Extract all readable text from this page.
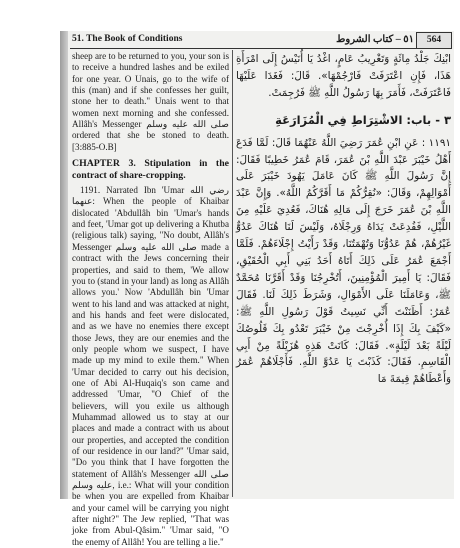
51. The Book of Conditions	٥١ – كتاب الشروط	564

sheep are to be returned to you, your son is to receive a hundred lashes and be exiled for one year. O Unais, go to the wife of this (man) and if she confesses her guilt, stone her to death." Unais went to that women next morning and she confessed. Allâh's Messenger صلى الله عليه وسلم ordered that she be stoned to death. [3:885-O.B]

CHAPTER 3. Stipulation in the contract of share-cropping.

1191. Narrated Ibn 'Umar رضي الله عنهما: When the people of Khaibar dislocated 'Abdullâh bin 'Umar's hands and feet, 'Umar got up delivering a Khutba (religious talk) saying, "No doubt, Allâh's Messenger صلى الله عليه وسلم made a contract with the Jews concerning their properties, and said to them, 'We allow you to (stand in your land) as long as Allâh allows you.' Now 'Abdullâh bin 'Umar went to his land and was attacked at night, and his hands and feet were dislocated, and as we have no enemies there except those Jews, they are our enemies and the only people whom we suspect, I have made up my mind to exile them." When 'Umar decided to carry out his decision, one of Abi Al-Huqaiq's son came and addressed 'Umar, "O Chief of the believers, will you exile us although Muhammad allowed us to stay at our places and made a contract with us about our properties, and accepted the condition of our residence in our land?" 'Umar said, "Do you think that I have forgotten the statement of Allâh's Messenger صلى الله عليه وسلم, i.e.: What will your condition be when you are expelled from Khaibar and your camel will be carrying you night after night?" The Jew replied, "That was joke from Abul-Qâsim." 'Umar said, "O the enemy of Allâh! You are telling a lie."

ابْنِكَ جَلْدُ مِائَةٍ وَتَغْرِيبُ عَامٍ، اغْدُ يَا أُنَيْسُ إِلَى امْرَأَةِ هَذَا، فَإِنِ اعْتَرَفَتْ فَارْجُمْهَا». قَالَ: فَغَدَا عَلَيْهَا فَاعْتَرَفَتْ، فَأَمَرَ بِهَا رَسُولُ اللَّهِ ﷺ فَرُجِمَتْ.

٣ - باب: الاشْتِرَاطِ فِي الْمُزَارَعَةِ

١١٩١ : عَنِ ابْنِ عُمَرَ رَضِيَ اللَّهُ عَنْهُمَا قَالَ: لَمَّا فَدَعَ أَهْلُ خَيْبَرَ عَبْدَ اللَّهِ بْنَ عُمَرَ، قَامَ عُمَرُ خَطِيبًا فَقَالَ: إِنَّ رَسُولَ اللَّهِ ﷺ كَانَ عَامَلَ يَهُودَ خَيْبَرَ عَلَى أَمْوَالِهِمْ، وَقَالَ: «نُقِرُّكُمْ مَا أَقَرَّكُمُ اللَّهُ». وَإِنَّ عَبْدَ اللَّهِ بْنَ عُمَرَ خَرَجَ إِلَى مَالِهِ هُنَاكَ، فَعُدِيَ عَلَيْهِ مِنَ اللَّيْلِ، فَفُدِعَتْ يَدَاهُ وَرِجْلَاهُ، وَلَيْسَ لَنَا هُنَاكَ عَدُوٌّ غَيْرُهُمْ، هُمْ عَدُوُّنَا وَتُهْمَتُنَا، وَقَدْ رَأَيْتُ إِجْلَاءَهُمْ. فَلَمَّا أَجْمَعَ عُمَرُ عَلَى ذَلِكَ أَتَاهُ أَحَدُ بَنِي أَبِي الْحُقَيْقِ، فَقَالَ: يَا أَمِيرَ الْمُؤْمِنِينَ، أَتُخْرِجُنَا وَقَدْ أَقَرَّنَا مُحَمَّدٌ ﷺ، وَعَامَلَنَا عَلَى الأَمْوَالِ، وَشَرَطَ ذَلِكَ لَنَا. فَقَالَ عُمَرُ: أَظَنَنْتَ أَنِّي نَسِيتُ قَوْلَ رَسُولِ اللَّهِ ﷺ: «كَيْفَ بِكَ إِذَا أُخْرِجْتَ مِنْ خَيْبَرَ تَعْدُو بِكَ قَلُوصُكَ لَيْلَةً بَعْدَ لَيْلَةٍ». فَقَالَ: كَانَتْ هَذِهِ هُزَيْلَةً مِنْ أَبِي الْقَاسِمِ. فَقَالَ: كَذَبْتَ يَا عَدُوَّ اللَّهِ. فَأَجْلَاهُمْ عُمَرُ وَأَعْطَاهُمْ قِيمَةَ مَا
